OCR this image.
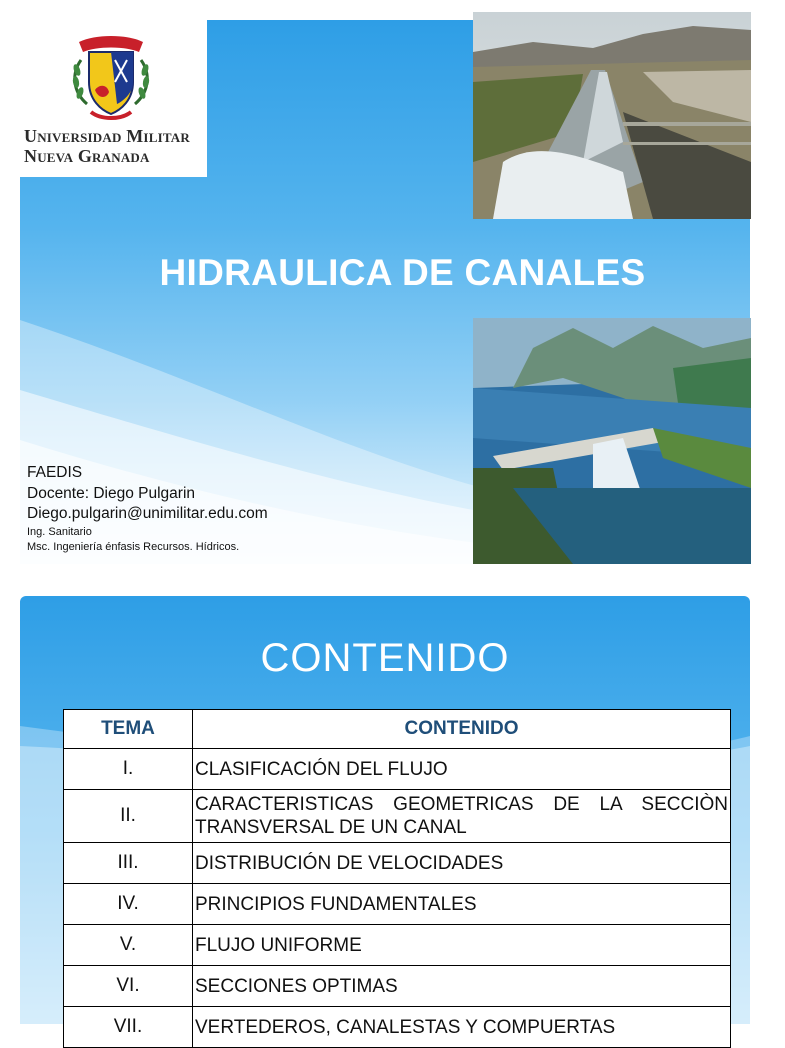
Universidad Militar
Nueva Granada
HIDRAULICA DE CANALES
FAEDIS
Docente: Diego Pulgarin
Diego.pulgarin@unimilitar.edu.com
Ing. Sanitario
Msc. Ingeniería énfasis Recursos. Hídricos.
CONTENIDO
TEMA	CONTENIDO
I.	CLASIFICACIÓN DEL FLUJO
II.	CARACTERISTICAS GEOMETRICAS DE LA SECCIÒN TRANSVERSAL DE UN CANAL
III.	DISTRIBUCIÓN DE VELOCIDADES
IV.	PRINCIPIOS FUNDAMENTALES
V.	FLUJO UNIFORME
VI.	SECCIONES OPTIMAS
VII.	VERTEDEROS, CANALESTAS Y COMPUERTAS
